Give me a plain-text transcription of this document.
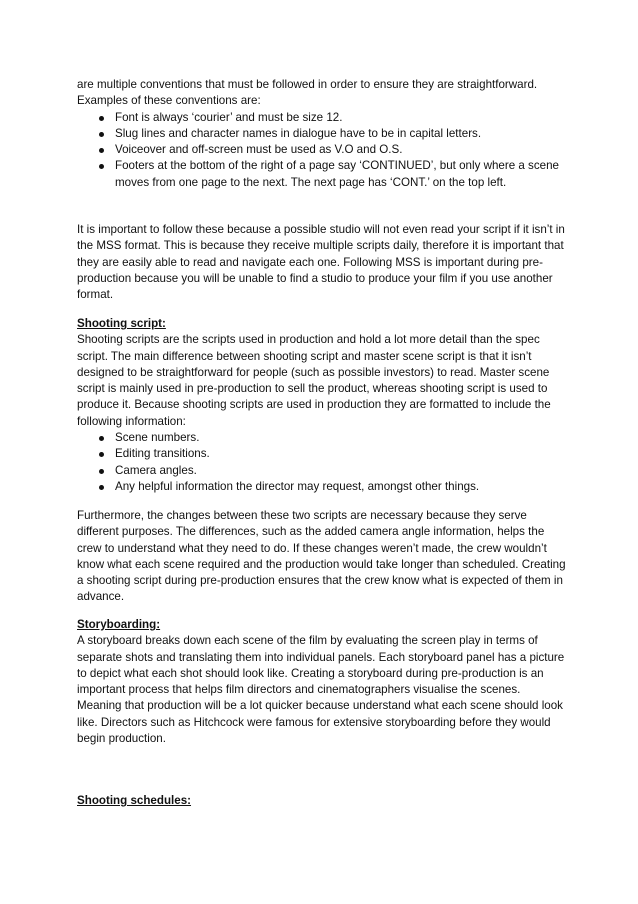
are multiple conventions that must be followed in order to ensure they are straightforward.

Examples of these conventions are:

Font is always ‘courier’ and must be size 12.
Slug lines and character names in dialogue have to be in capital letters.
Voiceover and off-screen must be used as V.O and O.S.
Footers at the bottom of the right of a page say ‘CONTINUED’, but only where a scene moves from one page to the next. The next page has ‘CONT.’ on the top left.

It is important to follow these because a possible studio will not even read your script if it isn’t in the MSS format. This is because they receive multiple scripts daily, therefore it is important that they are easily able to read and navigate each one. Following MSS is important during pre-production because you will be unable to find a studio to produce your film if you use another format.

Shooting script:

Shooting scripts are the scripts used in production and hold a lot more detail than the spec script. The main difference between shooting script and master scene script is that it isn’t designed to be straightforward for people (such as possible investors) to read. Master scene script is mainly used in pre-production to sell the product, whereas shooting script is used to produce it. Because shooting scripts are used in production they are formatted to include the following information:

Scene numbers.
Editing transitions.
Camera angles.
Any helpful information the director may request, amongst other things.

Furthermore, the changes between these two scripts are necessary because they serve different purposes. The differences, such as the added camera angle information, helps the crew to understand what they need to do. If these changes weren’t made, the crew wouldn’t know what each scene required and the production would take longer than scheduled. Creating a shooting script during pre-production ensures that the crew know what is expected of them in advance.

Storyboarding:

A storyboard breaks down each scene of the film by evaluating the screen play in terms of separate shots and translating them into individual panels. Each storyboard panel has a picture to depict what each shot should look like. Creating a storyboard during pre-production is an important process that helps film directors and cinematographers visualise the scenes. Meaning that production will be a lot quicker because understand what each scene should look like. Directors such as Hitchcock were famous for extensive storyboarding before they would begin production.

Shooting schedules:
